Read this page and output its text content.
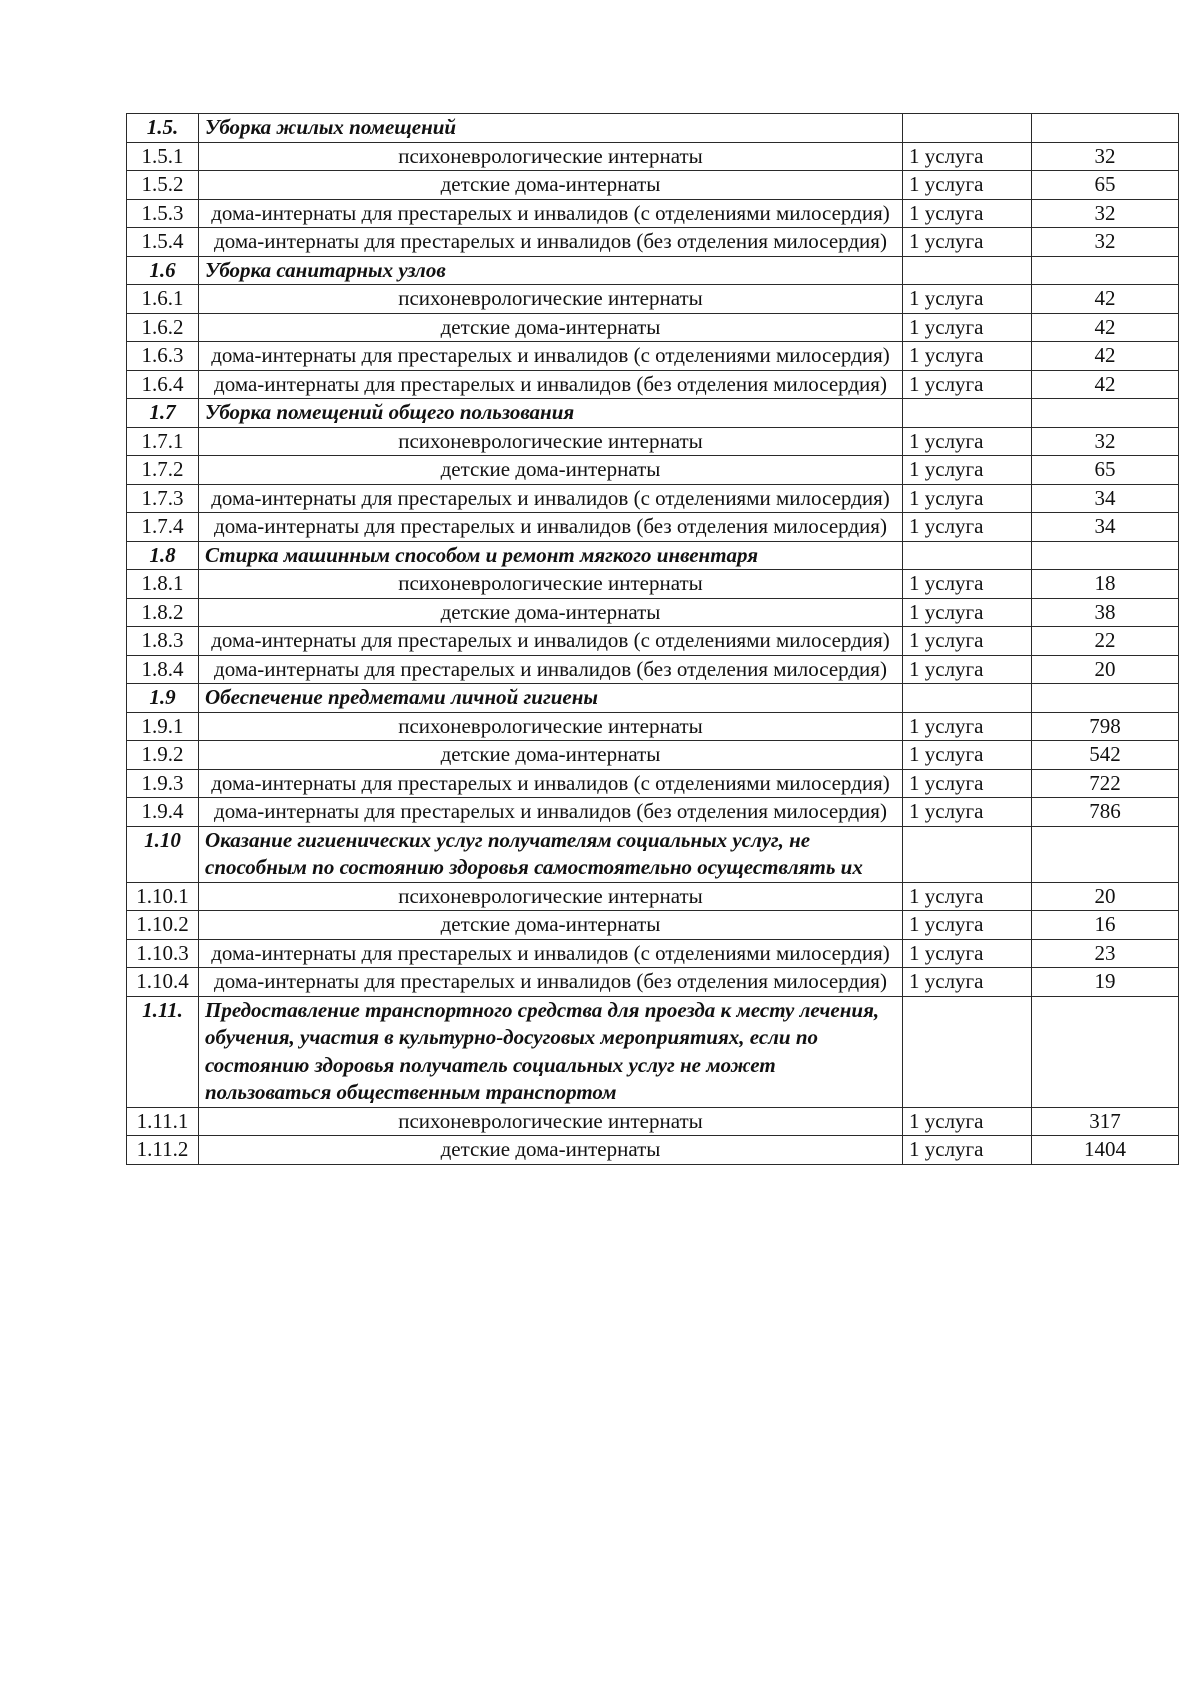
1.5.	Уборка жилых помещений		
1.5.1	психоневрологические интернаты	1 услуга	32
1.5.2	детские дома-интернаты	1 услуга	65
1.5.3	дома-интернаты для престарелых и инвалидов (с отделениями милосердия)	1 услуга	32
1.5.4	дома-интернаты для престарелых и инвалидов (без отделения милосердия)	1 услуга	32
1.6	Уборка санитарных узлов		
1.6.1	психоневрологические интернаты	1 услуга	42
1.6.2	детские дома-интернаты	1 услуга	42
1.6.3	дома-интернаты для престарелых и инвалидов (с отделениями милосердия)	1 услуга	42
1.6.4	дома-интернаты для престарелых и инвалидов (без отделения милосердия)	1 услуга	42
1.7	Уборка помещений общего пользования		
1.7.1	психоневрологические интернаты	1 услуга	32
1.7.2	детские дома-интернаты	1 услуга	65
1.7.3	дома-интернаты для престарелых и инвалидов (с отделениями милосердия)	1 услуга	34
1.7.4	дома-интернаты для престарелых и инвалидов (без отделения милосердия)	1 услуга	34
1.8	Стирка машинным способом и ремонт мягкого инвентаря		
1.8.1	психоневрологические интернаты	1 услуга	18
1.8.2	детские дома-интернаты	1 услуга	38
1.8.3	дома-интернаты для престарелых и инвалидов (с отделениями милосердия)	1 услуга	22
1.8.4	дома-интернаты для престарелых и инвалидов (без отделения милосердия)	1 услуга	20
1.9	Обеспечение предметами личной гигиены		
1.9.1	психоневрологические интернаты	1 услуга	798
1.9.2	детские дома-интернаты	1 услуга	542
1.9.3	дома-интернаты для престарелых и инвалидов (с отделениями милосердия)	1 услуга	722
1.9.4	дома-интернаты для престарелых и инвалидов (без отделения милосердия)	1 услуга	786
1.10	Оказание гигиенических услуг получателям социальных услуг, не способным по состоянию здоровья самостоятельно осуществлять их		
1.10.1	психоневрологические интернаты	1 услуга	20
1.10.2	детские дома-интернаты	1 услуга	16
1.10.3	дома-интернаты для престарелых и инвалидов (с отделениями милосердия)	1 услуга	23
1.10.4	дома-интернаты для престарелых и инвалидов (без отделения милосердия)	1 услуга	19
1.11.	Предоставление транспортного средства для проезда к месту лечения, обучения, участия в культурно-досуговых мероприятиях, если по состоянию здоровья получатель социальных услуг не может пользоваться общественным транспортом		
1.11.1	психоневрологические интернаты	1 услуга	317
1.11.2	детские дома-интернаты	1 услуга	1404
